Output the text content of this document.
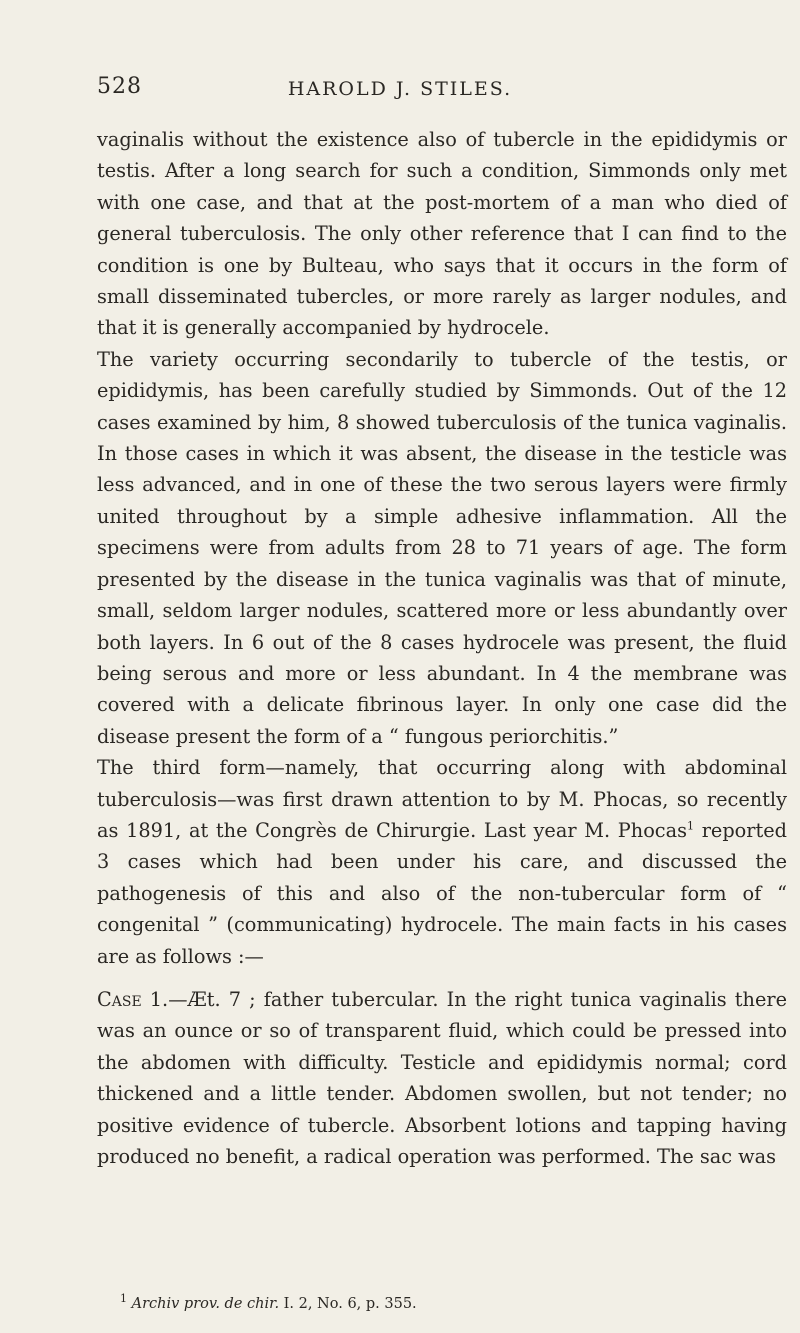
528	HAROLD J. STILES.

vaginalis without the existence also of tubercle in the epididymis or testis. After a long search for such a condition, Simmonds only met with one case, and that at the post-mortem of a man who died of general tuberculosis. The only other reference that I can find to the condition is one by Bulteau, who says that it occurs in the form of small disseminated tubercles, or more rarely as larger nodules, and that it is generally accompanied by hydrocele.

The variety occurring secondarily to tubercle of the testis, or epididymis, has been carefully studied by Simmonds. Out of the 12 cases examined by him, 8 showed tuberculosis of the tunica vaginalis. In those cases in which it was absent, the disease in the testicle was less advanced, and in one of these the two serous layers were firmly united throughout by a simple adhesive inflammation. All the specimens were from adults from 28 to 71 years of age. The form presented by the disease in the tunica vaginalis was that of minute, small, seldom larger nodules, scattered more or less abundantly over both layers. In 6 out of the 8 cases hydrocele was present, the fluid being serous and more or less abundant. In 4 the membrane was covered with a delicate fibrinous layer. In only one case did the disease present the form of a “ fungous periorchitis.”

The third form—namely, that occurring along with abdominal tuberculosis—was first drawn attention to by M. Phocas, so recently as 1891, at the Congrès de Chirurgie. Last year M. Phocas$^1$ reported 3 cases which had been under his care, and discussed the pathogenesis of this and also of the non-tubercular form of “ congenital ” (communicating) hydrocele. The main facts in his cases are as follows :—

Case 1.—Æt. 7 ; father tubercular. In the right tunica vaginalis there was an ounce or so of transparent fluid, which could be pressed into the abdomen with difficulty. Testicle and epididymis normal; cord thickened and a little tender. Abdomen swollen, but not tender; no positive evidence of tubercle. Absorbent lotions and tapping having produced no benefit, a radical operation was performed. The sac was

$^1$ Archiv prov. de chir. I. 2, No. 6, p. 355.
